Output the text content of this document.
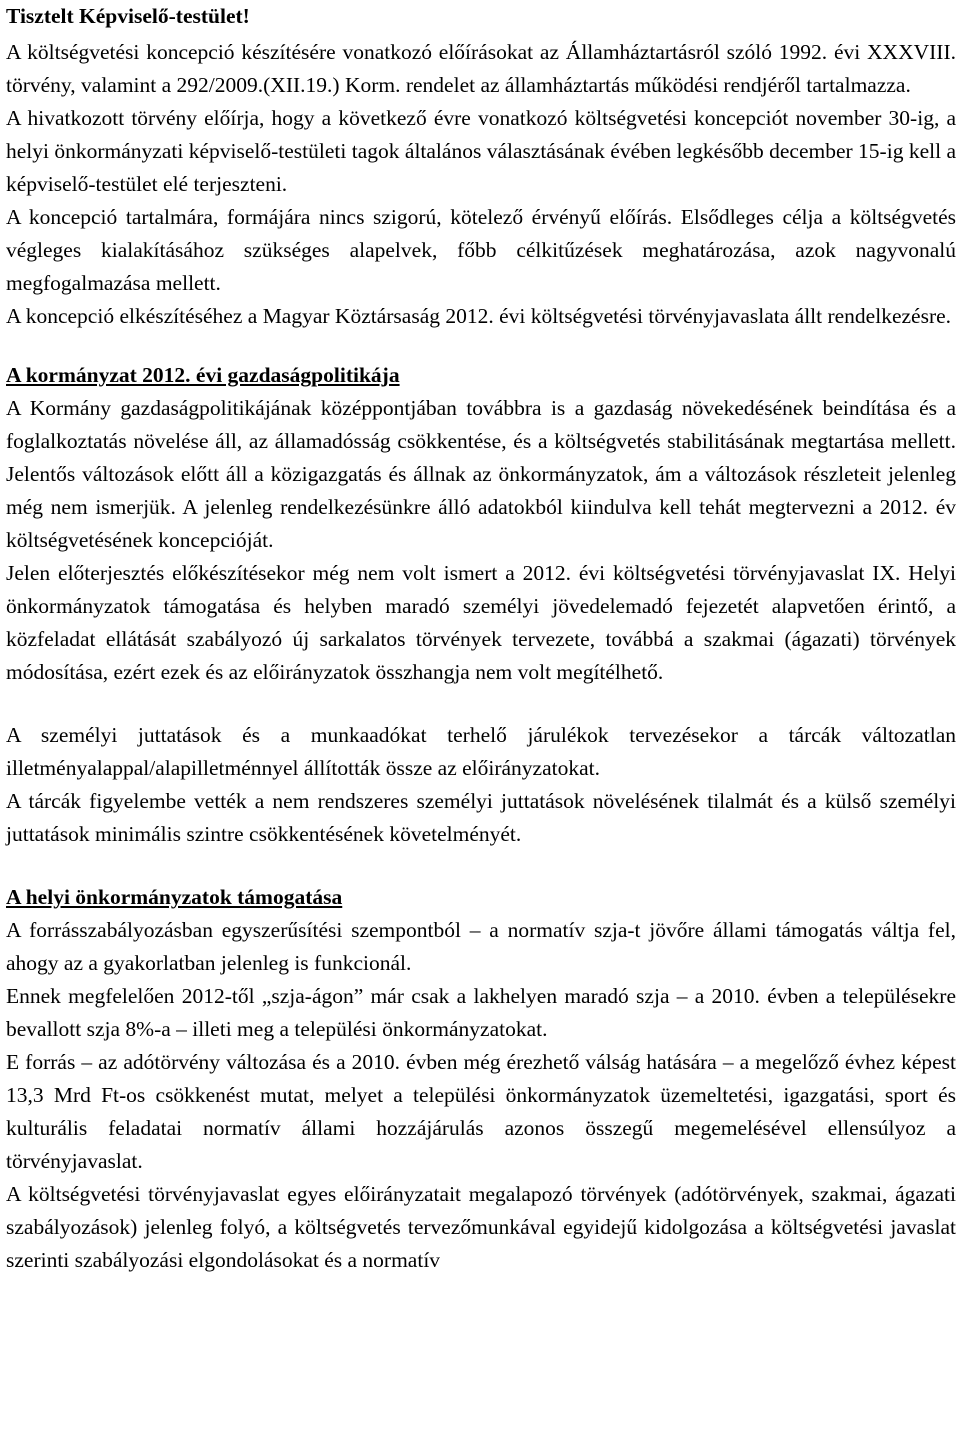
Tisztelt Képviselő-testület!

A költségvetési koncepció készítésére vonatkozó előírásokat az Államháztartásról szóló 1992. évi XXXVIII. törvény, valamint a 292/2009.(XII.19.) Korm. rendelet az államháztartás működési rendjéről tartalmazza.

A hivatkozott törvény előírja, hogy a következő évre vonatkozó költségvetési koncepciót november 30-ig, a helyi önkormányzati képviselő-testületi tagok általános választásának évében legkésőbb december 15-ig kell a képviselő-testület elé terjeszteni.

A koncepció tartalmára, formájára nincs szigorú, kötelező érvényű előírás. Elsődleges célja a költségvetés végleges kialakításához szükséges alapelvek, főbb célkitűzések meghatározása, azok nagyvonalú megfogalmazása mellett.

A koncepció elkészítéséhez a Magyar Köztársaság 2012. évi költségvetési törvényjavaslata állt rendelkezésre.

A kormányzat 2012. évi gazdaságpolitikája

A Kormány gazdaságpolitikájának középpontjában továbbra is a gazdaság növekedésének beindítása és a foglalkoztatás növelése áll, az államadósság csökkentése, és a költségvetés stabilitásának megtartása mellett. Jelentős változások előtt áll a közigazgatás és állnak az önkormányzatok, ám a változások részleteit jelenleg még nem ismerjük. A jelenleg rendelkezésünkre álló adatokból kiindulva kell tehát megtervezni a 2012. év költségvetésének koncepcióját.

Jelen előterjesztés előkészítésekor még nem volt ismert a 2012. évi költségvetési törvényjavaslat IX. Helyi önkormányzatok támogatása és helyben maradó személyi jövedelemadó fejezetét alapvetően érintő, a közfeladat ellátását szabályozó új sarkalatos törvények tervezete, továbbá a szakmai (ágazati) törvények módosítása, ezért ezek és az előirányzatok összhangja nem volt megítélhető.

A személyi juttatások és a munkaadókat terhelő járulékok tervezésekor a tárcák változatlan illetményalappal/alapilletménnyel állították össze az előirányzatokat.

A tárcák figyelembe vették a nem rendszeres személyi juttatások növelésének tilalmát és a külső személyi juttatások minimális szintre csökkentésének követelményét.

A helyi önkormányzatok támogatása

A forrásszabályozásban egyszerűsítési szempontból – a normatív szja-t jövőre állami támogatás váltja fel, ahogy az a gyakorlatban jelenleg is funkcionál.

Ennek megfelelően 2012-től „szja-ágon” már csak a lakhelyen maradó szja – a 2010. évben a településekre bevallott szja 8%-a – illeti meg a települési önkormányzatokat.

E forrás – az adótörvény változása és a 2010. évben még érezhető válság hatására – a megelőző évhez képest 13,3 Mrd Ft-os csökkenést mutat, melyet a települési önkormányzatok üzemeltetési, igazgatási, sport és kulturális feladatai normatív állami hozzájárulás azonos összegű megemelésével ellensúlyoz a törvényjavaslat.

A költségvetési törvényjavaslat egyes előirányzatait megalapozó törvények (adótörvények, szakmai, ágazati szabályozások) jelenleg folyó, a költségvetés tervezőmunkával egyidejű kidolgozása a költségvetési javaslat szerinti szabályozási elgondolásokat és a normatív
